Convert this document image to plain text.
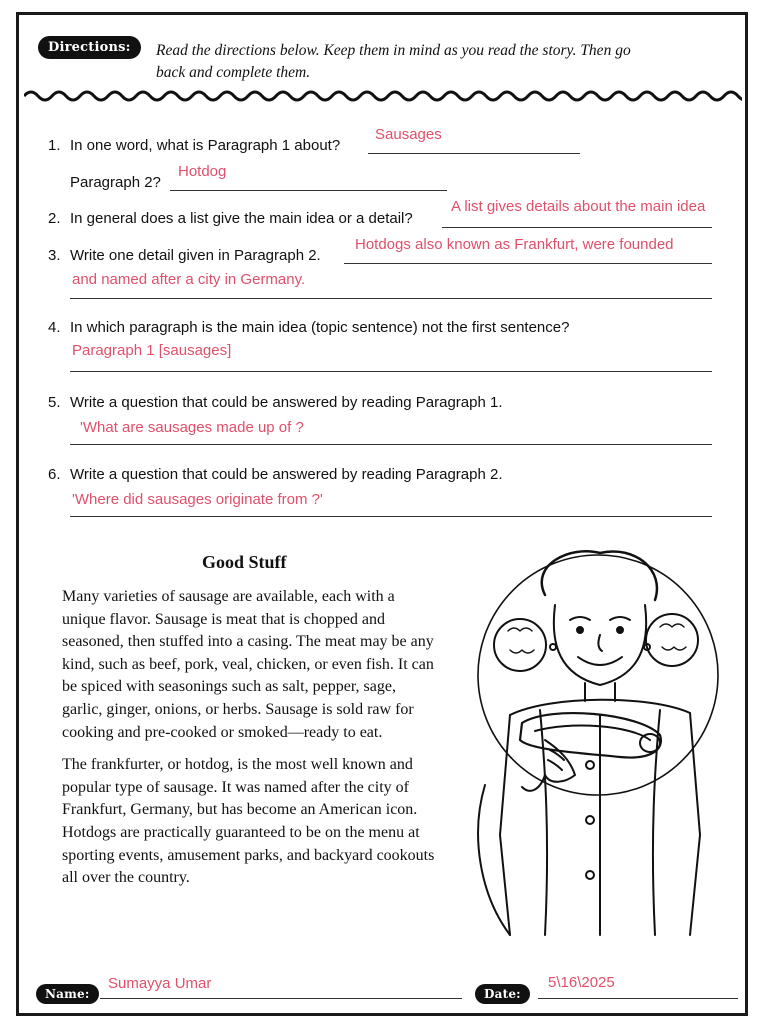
Directions:	Read the directions below. Keep them in mind as you read the story. Then go
back and complete them.
1. In one word, what is Paragraph 1 about?
Sausages
Paragraph 2?
Hotdog
2. In general does a list give the main idea or a detail?
A list gives details about the main idea
3. Write one detail given in Paragraph 2.
Hotdogs also known as Frankfurt, were founded
and named after a city in Germany.
4. In which paragraph is the main idea (topic sentence) not the first sentence?
Paragraph 1 [sausages]
5. Write a question that could be answered by reading Paragraph 1.
'What are sausages made up of ?
6. Write a question that could be answered by reading Paragraph 2.
'Where did sausages originate from ?'
Good Stuff

Many varieties of sausage are available, each with a unique flavor. Sausage is meat that is chopped and seasoned, then stuffed into a casing. The meat may be any kind, such as beef, pork, veal, chicken, or even fish. It can be spiced with seasonings such as salt, pepper, sage, garlic, ginger, onions, or herbs. Sausage is sold raw for cooking and pre-cooked or smoked—ready to eat.

The frankfurter, or hotdog, is the most well known and popular type of sausage. It was named after the city of Frankfurt, Germany, but has become an American icon. Hotdogs are practically guaranteed to be on the menu at sporting events, amusement parks, and backyard cookouts all over the country.

Name:
Sumayya Umar
Date:
5\16\2025
